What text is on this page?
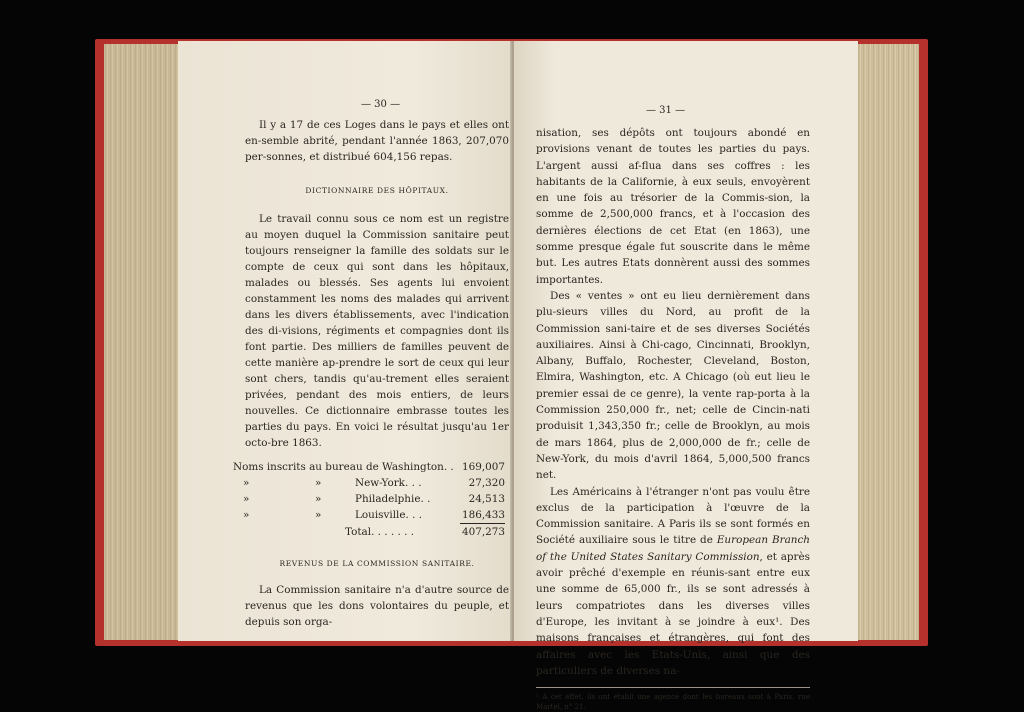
— 30 —

Il y a 17 de ces Loges dans le pays et elles ont en-semble abrité, pendant l'année 1863, 207,070 per-sonnes, et distribué 604,156 repas.

DICTIONNAIRE DES HÔPITAUX.

Le travail connu sous ce nom est un registre au moyen duquel la Commission sanitaire peut toujours renseigner la famille des soldats sur le compte de ceux qui sont dans les hôpitaux, malades ou blessés. Ses agents lui envoient constamment les noms des malades qui arrivent dans les divers établissements, avec l'indication des di-visions, régiments et compagnies dont ils font partie. Des milliers de familles peuvent de cette manière ap-prendre le sort de ceux qui leur sont chers, tandis qu'au-trement elles seraient privées, pendant des mois entiers, de leurs nouvelles. Ce dictionnaire embrasse toutes les parties du pays. En voici le résultat jusqu'au 1er octo-bre 1863.

Noms inscrits au bureau de Washington. .			169,007
»	»	New-York. . .	27,320
»	»	Philadelphie. .	24,513
»	»	Louisville. . .	186,433
Total. . . . . . .			407,273

REVENUS DE LA COMMISSION SANITAIRE.

La Commission sanitaire n'a d'autre source de revenus que les dons volontaires du peuple, et depuis son orga-

— 31 —

nisation, ses dépôts ont toujours abondé en provisions venant de toutes les parties du pays. L'argent aussi af-flua dans ses coffres : les habitants de la Californie, à eux seuls, envoyèrent en une fois au trésorier de la Commis-sion, la somme de 2,500,000 francs, et à l'occasion des dernières élections de cet Etat (en 1863), une somme presque égale fut souscrite dans le même but. Les autres Etats donnèrent aussi des sommes importantes.

Des « ventes » ont eu lieu dernièrement dans plu-sieurs villes du Nord, au profit de la Commission sani-taire et de ses diverses Sociétés auxiliaires. Ainsi à Chi-cago, Cincinnati, Brooklyn, Albany, Buffalo, Rochester, Cleveland, Boston, Elmira, Washington, etc. A Chicago (où eut lieu le premier essai de ce genre), la vente rap-porta à la Commission 250,000 fr., net; celle de Cincin-nati produisit 1,343,350 fr.; celle de Brooklyn, au mois de mars 1864, plus de 2,000,000 de fr.; celle de New-York, du mois d'avril 1864, 5,000,500 francs net.

Les Américains à l'étranger n'ont pas voulu être exclus de la participation à l'œuvre de la Commission sanitaire. A Paris ils se sont formés en Société auxiliaire sous le titre de European Branch of the United States Sanitary Commission, et après avoir prêché d'exemple en réunis-sant entre eux une somme de 65,000 fr., ils se sont adressés à leurs compatriotes dans les diverses villes d'Europe, les invitant à se joindre à eux¹. Des maisons françaises et étrangères, qui font des affaires avec les Etats-Unis, ainsi que des particuliers de diverses na-

¹ A cet effet, ils ont établi une agence dont les bureaux sont à Paris, rue Martel, n° 21.
